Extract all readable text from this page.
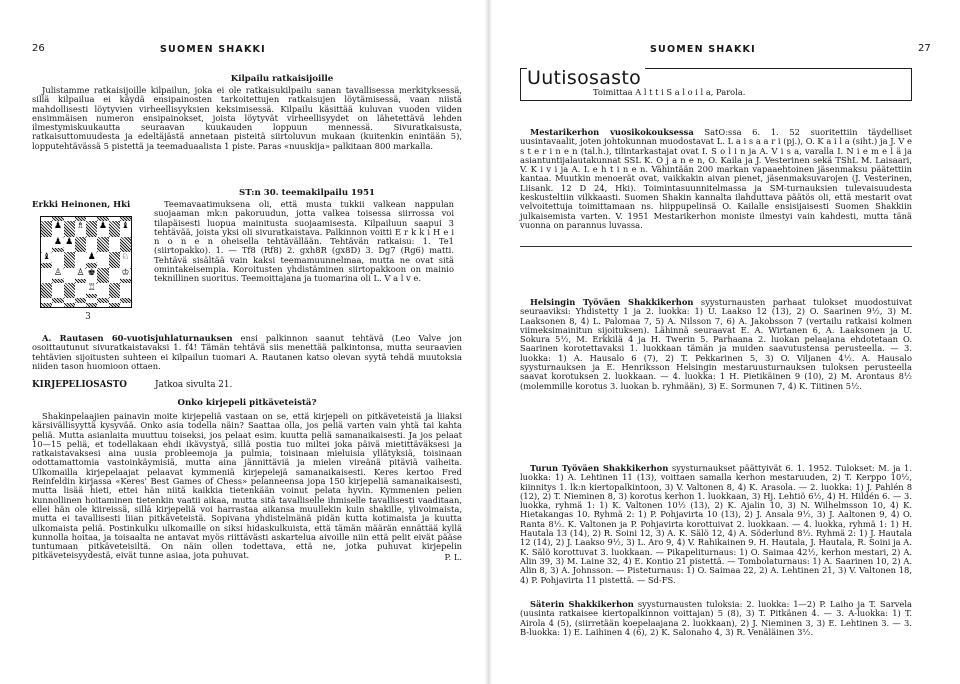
26	SUOMEN SHAKKI
Kilpailu ratkaisijoille

Julistamme ratkaisijoille kilpailun, joka ei ole ratkaisukilpailu sanan tavallisessa merkityksessä, sillä kilpailua ei käydä ensipainosten tarkoitettujen ratkaisujen löytämisessä, vaan niistä mahdollisesti löytyvien virheellisyyksien keksimisessä. Kilpailu käsittää kuluvan vuoden viiden ensimmäisen numeron ensipainokset, joista löytyvät virheellisyydet on lähetettävä lehden ilmestymiskuukautta seuraavan kuukauden loppuun mennessä. Sivuratkaisusta, ratkaisuttomuudesta ja edeltäjästä annetaan pisteitä siirtoluvun mukaan (kuitenkin enintään 5), lopputehtävässä 5 pistettä ja teemaduaalista 1 piste. Paras «nuuskija» palkitaan 800 markalla.

ST:n 30. teemakilpailu 1951
Erkki Heinonen, Hki
♟ ♗ ♟ ♝
♟ ♟
♝	♟	♘
♙ ♙ ♚	♔
♖
3

Teemavaatimuksena oli, että musta tukkii valkean nappulan suojaaman mk:n pakoruudun, jotta valkea toisessa siirrossa voi tilapäisesti luopua mainitusta suojaamisesta. Kilpailuun saapui 3 tehtävää, joista yksi oli sivuratkaistava. Palkinnon voitti E r k k i H e i n o n e n oheisella tehtävällään. Tehtävän ratkaisu: 1. Te1 (siirtopakko). 1. — Tf8 (Rf8) 2. gxh8R (gx8D) 3. Dg7 (Rg6) matti. Tehtävä sisältää vain kaksi teemamuunnelmaa, mutta ne ovat sitä omintakeisempia. Koroitusten yhdistäminen siirtopakkoon on mainio teknillinen suoritus. Teemoittajana ja tuomarina oli L. V a l v e.

A. Rautasen 60-vuotisjuhlaturnauksen ensi palkinnon saanut tehtävä (Leo Valve jon osoittautunut sivuratkaistavaksi 1. f4! Tämän tehtävä siis menettää palkintonsa, mutta seuraavien tehtävien sijoitusten suhteen ei kilpailun tuomari A. Rautanen katso olevan syytä tehdä muutoksia niiden tason huomioon ottaen.

KIRJEPELIOSASTO	Jatkoa sivulta 21.
Onko kirjepeli pitkäveteistä?

Shakinpelaajien painavin moite kirjepeliä vastaan on se, että kirjepeli on pitkäveteistä ja liiaksi kärsivällisyyttä kysyvää. Onko asia todella näin? Saattaa olla, jos peliä varten vain yhtä tai kahta peliä. Mutta asianlaita muuttuu toiseksi, jos pelaat esim. kuutta peliä samanaikaisesti. Ja jos pelaat 10—15 peliä, et todellakaan ehdi ikävystyä, sillä postia tuo miltei joka päivä mietittäväksesi ja ratkaistavaksesi aina uusia probleemoja ja pulmia, toisinaan mieluisia yllätyksiä, toisinaan odottamattomia vastoinkäymisiä, mutta aina jännittäviä ja mielen vireänä pitäviä vaiheita. Ulkomailla kirjepelaajat pelaavat kymmeniä kirjepelejä samanaikaisesti. Keres kertoo Fred Reinfeldin kirjassa «Keres' Best Games of Chess» pelanneensa jopa 150 kirjepeliä samanaikaisesti, mutta lisää hieti, ettei hän niitä kaikkia tietenkään voinut pelata hyvin. Kymmenien pelien kunnollinen hoitaminen tietenkin vaatii aikaa, mutta sitä tavalliselle ihmiselle tavallisesti vaaditaan, ellei hän ole kiireissä, sillä kirjepeliä voi harrastaa aikansa muullekin kuin shakille, ylivoimaista, mutta ei tavallisesti liian pitkäveteistä. Sopivana yhdistelmänä pidän kutta kotimaista ja kuutta ulkomaista peliä. Postinkulku ulkomaille on siksi hidaskulkuista, että tämän määrän ennättää kyllä kunnolla hoitaa, ja toisaalta ne antavat myös riittävästi askartelua aivoille niin että pelit eivät pääse tuntumaan pitkäveteisiltä. On näin ollen todettava, että ne, jotka puhuvat kirjepelin pitkäveteisyydestä, eivät tunne asiaa, jota puhuvat.	P. L.
SUOMEN SHAKKI	27
Uutisosasto
Toimittaa A l t t i S a l o i l a, Parola.

Mestarikerhon vuosikokouksessa SatO:ssa 6. 1. 52 suoritettiin täydelliset uusintavaalit, joten johtokunnan muodostavat L. L a i s a a r i (pj.), O. K a i l a (siht.) ja J. V e s t e r i n e n (tal.h.), tilintarkastajat ovat I. S o l i n ja A. V i s a, varalla I. N i e m e l ä ja asiantuntijalautakunnat SSL K. O j a n e n, O. Kaila ja J. Vesterinen sekä TShL M. Laisaari, V. K i v i ja A. L e h t i n e n. Vähintään 200 markan vapaaehtoinen jäsenmaksu päätettiin kantaa. Muutkin menoerät ovat, vaikkakin aivan pienet, jäsenmaksuvarojen (J. Vesterinen, Liisank. 12 D 24, Hki). Toimintasuunnitelmassa ja SM-turnauksien tulevaisuudesta keskusteltiin vilkkaasti. Suomen Shakin kannalta ilahduttava päätös oli, että mestarit ovat velvoitettuja toimittamaan ns. hiippupelinsä O. Kailalle ensisijaisesti Suomen Shakkiin julkaisemista varten. V. 1951 Mestarikerhon moniste ilmestyi vain kahdesti, mutta tänä vuonna on parannus luvassa.

Helsingin Työväen Shakkikerhon syysturnausten parhaat tulokset muodostuivat seuraaviksi: Yhdistetty 1 ja 2. luokka: 1) U. Laakso 12 (13), 2) O. Saarinen 9½, 3) M. Laaksonen 8, 4) L. Palomaa 7, 5) A. Nilsson 7, 6) A. Jakobsson 7 (vertailu ratkaisi kolmen viimeksimainitun sijoituksen). Lähinnä seuraavat E. A. Wirtanen 6, A. Laaksonen ja U. Sokura 5½, M. Erkkilä 4 ja H. Twerin 5. Parhaana 2. luokan pelaajana ehdotetaan O. Saarinen korotettavaksi 1. luokkaan tämän ja muiden saavutustensa perusteella. — 3. luokka: 1) A. Hausalo 6 (7), 2) T. Pekkarinen 5, 3) O. Viljanen 4½. A. Hausalo syysturnauksen ja E. Henriksson Helsingin mestaruusturnauksen tuloksen perusteella saavat korotuksen 2. luokkaan. — 4. luokka: 1 H. Pietikäinen 9 (10), 2) M. Arontaus 8½ (molemmille korotus 3. luokan b. ryhmään), 3) E. Sormunen 7, 4) K. Tiitinen 5½.

Turun Työväen Shakkikerhon syysturnaukset päättyivät 6. 1. 1952. Tulokset: M. ja 1. luokka: 1) A. Lehtinen 11 (13), voittaen samalla kerhon mestaruuden, 2) T. Kerppo 10½, kiinnitys 1. lk:n kiertopalkintoon, 3) V. Valtonen 8, 4) K. Arasola. — 2. luokka: 1) J. Pahlén 8 (12), 2) T. Nieminen 8, 3) korotus kerhon 1. luokkaan, 3) Hj. Lehtiö 6½, 4) H. Hildén 6. — 3. luokka, ryhmä 1: 1) K. Valtonen 10½ (13), 2) K. Ajalin 10, 3) N. Wilhelmsson 10, 4) K. Hietakangas 10. Ryhmä 2: 1) P. Pohjavirta 10 (13), 2) J. Ansala 9½, 3) J. Aaltonen 9, 4) O. Ranta 8½. K. Valtonen ja P. Pohjavirta korottuivat 2. luokkaan. — 4. luokka, ryhmä 1: 1) H. Hautala 13 (14), 2) R. Soini 12, 3) A. K. Sälö 12, 4) A. Söderlund 8½. Ryhmä 2: 1) J. Hautala 12 (14), 2) J. Laakso 9½, 3) L. Aro 9, 4) V. Rahikainen 9. H. Hautala, J. Hautala, R. Soini ja A. K. Sälö korottuvat 3. luokkaan. — Pikapeliturnaus: 1) O. Saimaa 42½, kerhon mestari, 2) A. Alin 39, 3) M. Laine 32, 4) E. Kontio 21 pistettä. — Tombolaturnaus: 1) A. Saarinen 10, 2) A. Alin 8, 3) A. Johnsson. — Pisteturnaus: 1) O. Saimaa 22, 2) A. Lehtinen 21, 3) V. Valtonen 18, 4) P. Pohjavirta 11 pistettä. — Sd-FS.

Säterin Shakkikerhon syysturnausten tuloksia: 2. luokka: 1—2) P. Laiho ja T. Sarvela (uusinta ratkaisee kiertopalkinnon voittajan) 5 (8), 3) T. Pitkänen 4. — 3. A-luokka: 1) T. Airola 4 (5), (siirretään koepelaajana 2. luokkaan), 2) J. Nieminen 3, 3) E. Lehtinen 3. — 3. B-luokka: 1) E. Laihinen 4 (6), 2) K. Salonaho 4, 3) R. Venäläinen 3½.
